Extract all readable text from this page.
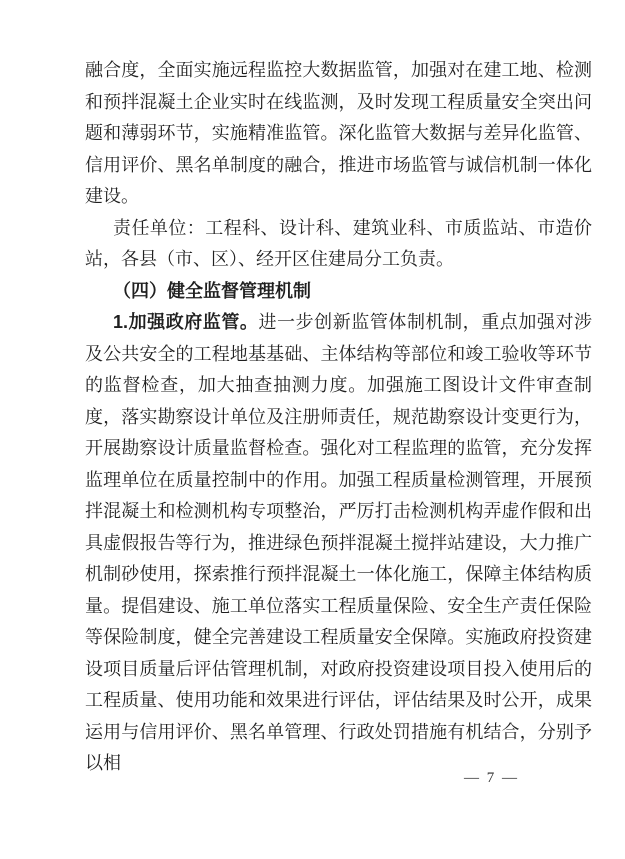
融合度，全面实施远程监控大数据监管，加强对在建工地、检测和预拌混凝土企业实时在线监测，及时发现工程质量安全突出问题和薄弱环节，实施精准监管。深化监管大数据与差异化监管、信用评价、黑名单制度的融合，推进市场监管与诚信机制一体化建设。

责任单位：工程科、设计科、建筑业科、市质监站、市造价站，各县（市、区）、经开区住建局分工负责。

（四）健全监督管理机制

1.加强政府监管。进一步创新监管体制机制，重点加强对涉及公共安全的工程地基基础、主体结构等部位和竣工验收等环节的监督检查，加大抽查抽测力度。加强施工图设计文件审查制度，落实勘察设计单位及注册师责任，规范勘察设计变更行为，开展勘察设计质量监督检查。强化对工程监理的监管，充分发挥监理单位在质量控制中的作用。加强工程质量检测管理，开展预拌混凝土和检测机构专项整治，严厉打击检测机构弄虚作假和出具虚假报告等行为，推进绿色预拌混凝土搅拌站建设，大力推广机制砂使用，探索推行预拌混凝土一体化施工，保障主体结构质量。提倡建设、施工单位落实工程质量保险、安全生产责任保险等保险制度，健全完善建设工程质量安全保障。实施政府投资建设项目质量后评估管理机制，对政府投资建设项目投入使用后的工程质量、使用功能和效果进行评估，评估结果及时公开，成果运用与信用评价、黑名单管理、行政处罚措施有机结合，分别予以相

— 7 —
